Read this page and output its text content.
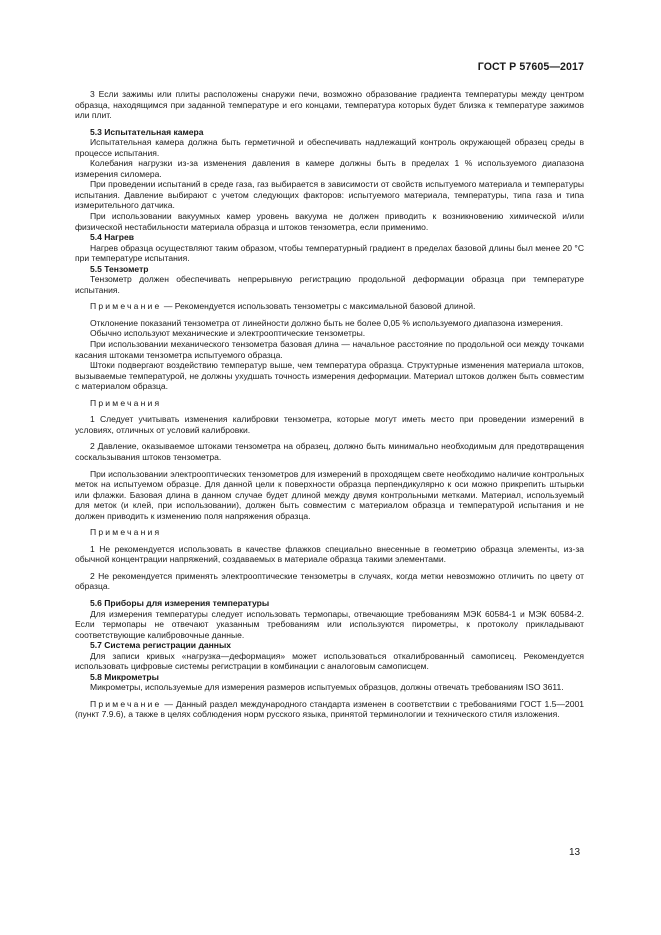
ГОСТ Р 57605—2017

3 Если зажимы или плиты расположены снаружи печи, возможно образование градиента температуры между центром образца, находящимся при заданной температуре и его концами, температура которых будет близка к температуре зажимов или плит.

5.3 Испытательная камера

Испытательная камера должна быть герметичной и обеспечивать надлежащий контроль окружающей образец среды в процессе испытания.

Колебания нагрузки из-за изменения давления в камере должны быть в пределах 1 % используемого диапазона измерения силомера.

При проведении испытаний в среде газа, газ выбирается в зависимости от свойств испытуемого материала и температуры испытания. Давление выбирают с учетом следующих факторов: испытуемого материала, температуры, типа газа и типа измерительного датчика.

При использовании вакуумных камер уровень вакуума не должен приводить к возникновению химической и/или физической нестабильности материала образца и штоков тензометра, если применимо.

5.4 Нагрев

Нагрев образца осуществляют таким образом, чтобы температурный градиент в пределах базовой длины был менее 20 °С при температуре испытания.

5.5 Тензометр

Тензометр должен обеспечивать непрерывную регистрацию продольной деформации образца при температуре испытания.

Примечание — Рекомендуется использовать тензометры с максимальной базовой длиной.

Отклонение показаний тензометра от линейности должно быть не более 0,05 % используемого диапазона измерения.

Обычно используют механические и электрооптические тензометры.

При использовании механического тензометра базовая длина — начальное расстояние по продольной оси между точками касания штоками тензометра испытуемого образца.

Штоки подвергают воздействию температур выше, чем температура образца. Структурные изменения материала штоков, вызываемые температурой, не должны ухудшать точность измерения деформации. Материал штоков должен быть совместим с материалом образца.

Примечания

1 Следует учитывать изменения калибровки тензометра, которые могут иметь место при проведении измерений в условиях, отличных от условий калибровки.

2 Давление, оказываемое штоками тензометра на образец, должно быть минимально необходимым для предотвращения соскальзывания штоков тензометра.

При использовании электрооптических тензометров для измерений в проходящем свете необходимо наличие контрольных меток на испытуемом образце. Для данной цели к поверхности образца перпендикулярно к оси можно прикрепить штырьки или флажки. Базовая длина в данном случае будет длиной между двумя контрольными метками. Материал, используемый для меток (и клей, при использовании), должен быть совместим с материалом образца и температурой испытания и не должен приводить к изменению поля напряжения образца.

Примечания

1 Не рекомендуется использовать в качестве флажков специально внесенные в геометрию образца элементы, из-за обычной концентрации напряжений, создаваемых в материале образца такими элементами.

2 Не рекомендуется применять электрооптические тензометры в случаях, когда метки невозможно отличить по цвету от образца.

5.6 Приборы для измерения температуры

Для измерения температуры следует использовать термопары, отвечающие требованиям МЭК 60584-1 и МЭК 60584-2. Если термопары не отвечают указанным требованиям или используются пирометры, к протоколу прикладывают соответствующие калибровочные данные.

5.7 Система регистрации данных

Для записи кривых «нагрузка—деформация» может использоваться откалиброванный самописец. Рекомендуется использовать цифровые системы регистрации в комбинации с аналоговым самописцем.

5.8 Микрометры

Микрометры, используемые для измерения размеров испытуемых образцов, должны отвечать требованиям ISO 3611.

Примечание — Данный раздел международного стандарта изменен в соответствии с требованиями ГОСТ 1.5—2001 (пункт 7.9.6), а также в целях соблюдения норм русского языка, принятой терминологии и технического стиля изложения.

13
